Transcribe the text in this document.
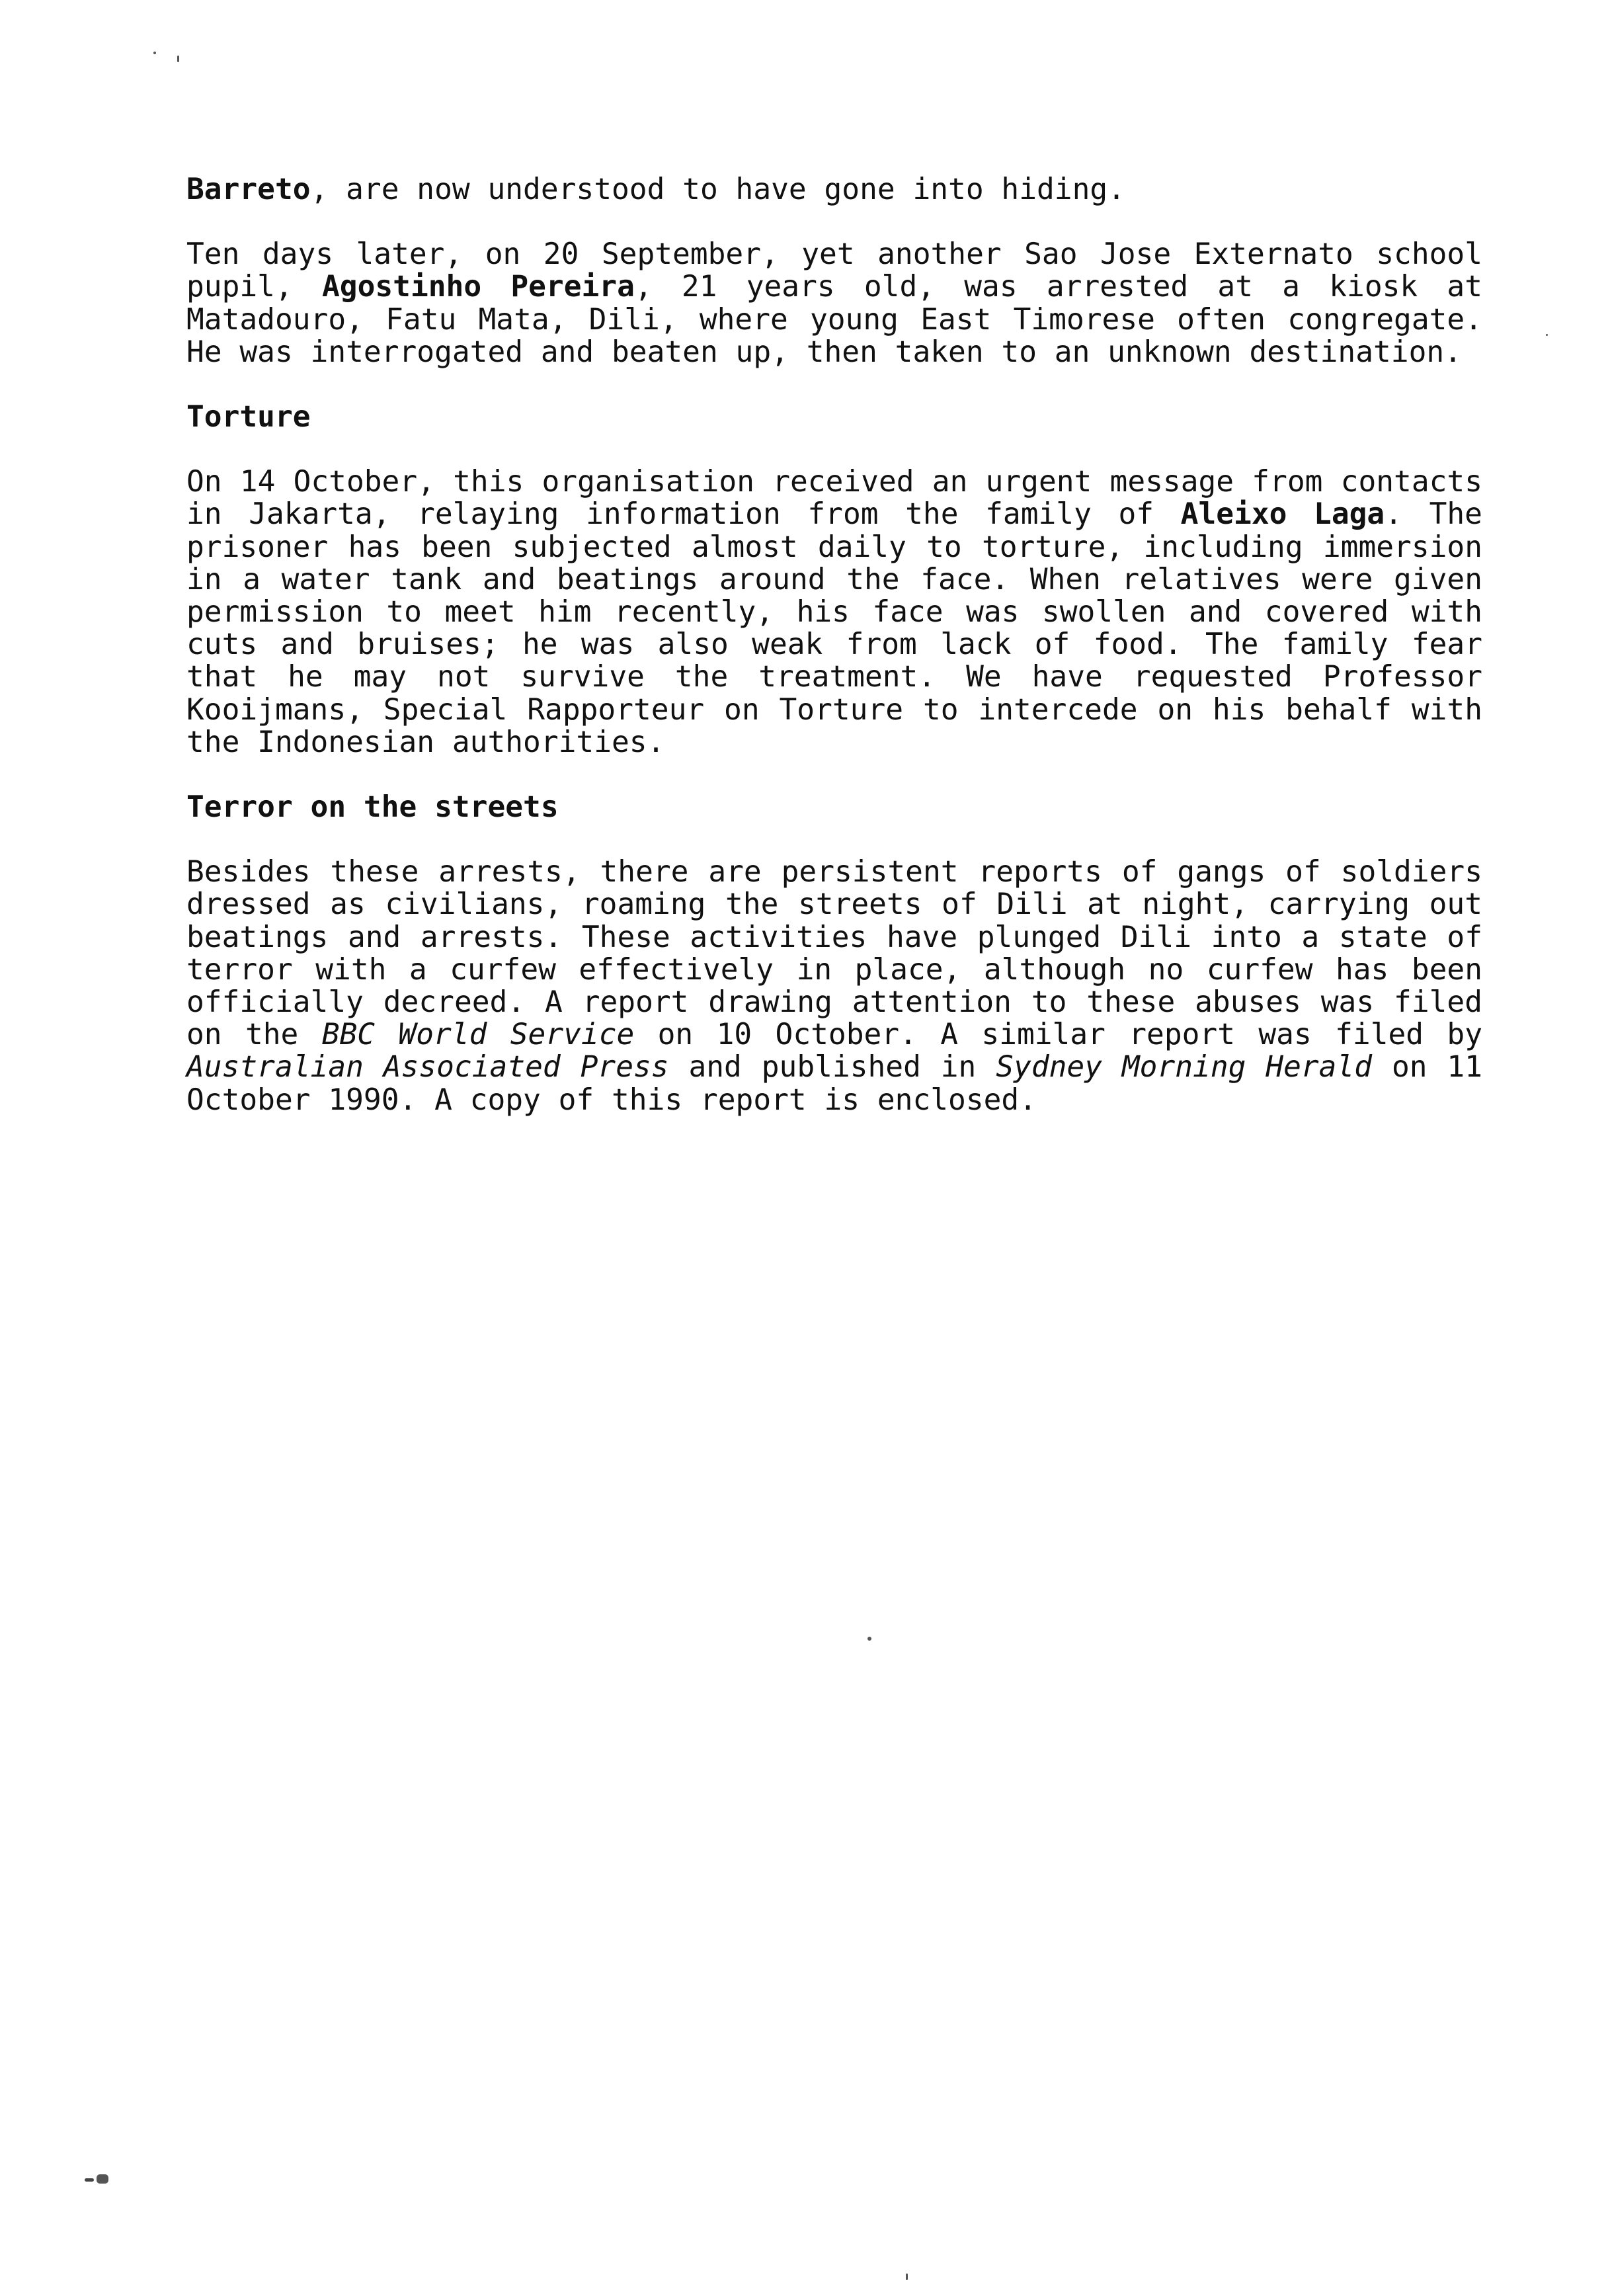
Barreto, are now understood to have gone into hiding.

Ten days later, on 20 September, yet another Sao Jose Externato school pupil, Agostinho Pereira, 21 years old, was arrested at a kiosk at Matadouro, Fatu Mata, Dili, where young East Timorese often congregate. He was interrogated and beaten up, then taken to an unknown destination.

Torture

On 14 October, this organisation received an urgent message from contacts in Jakarta, relaying information from the family of Aleixo Laga. The prisoner has been subjected almost daily to torture, including immersion in a water tank and beatings around the face. When relatives were given permission to meet him recently, his face was swollen and covered with cuts and bruises; he was also weak from lack of food. The family fear that he may not survive the treatment. We have requested Professor Kooijmans, Special Rapporteur on Torture to intercede on his behalf with the Indonesian authorities.

Terror on the streets

Besides these arrests, there are persistent reports of gangs of soldiers dressed as civilians, roaming the streets of Dili at night, carrying out beatings and arrests. These activities have plunged Dili into a state of terror with a curfew effectively in place, although no curfew has been officially decreed. A report drawing attention to these abuses was filed on the BBC World Service on 10 October. A similar report was filed by Australian Associated Press and published in Sydney Morning Herald on 11 October 1990. A copy of this report is enclosed.
